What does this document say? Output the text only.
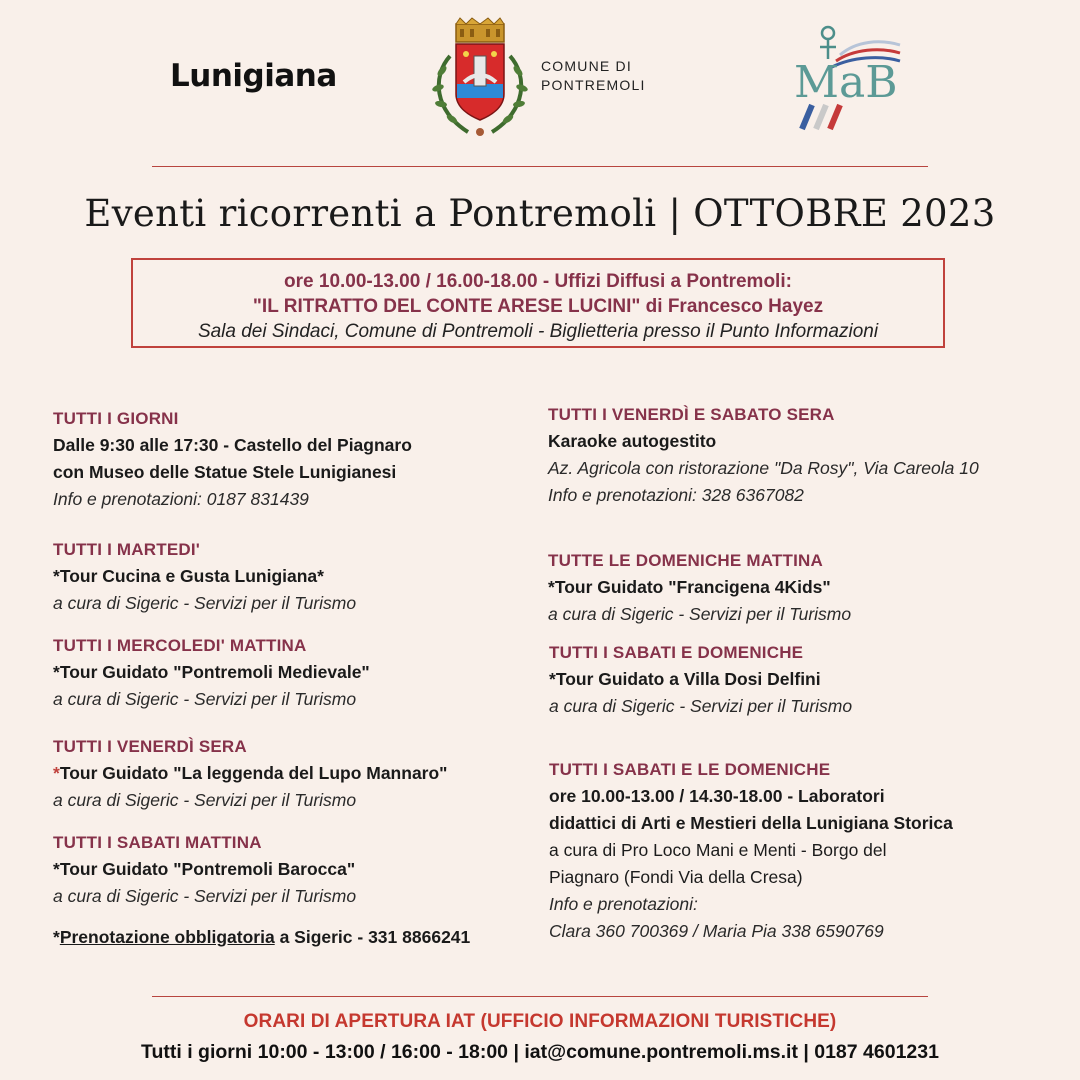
Lunigiana	COMUNE DI
PONTREMOLI	MaB
Eventi ricorrenti a Pontremoli | OTTOBRE 2023
ore 10.00-13.00 / 16.00-18.00 - Uffizi Diffusi a Pontremoli:
"IL RITRATTO DEL CONTE ARESE LUCINI" di Francesco Hayez
Sala dei Sindaci, Comune di Pontremoli - Biglietteria presso il Punto Informazioni
TUTTI I GIORNI
Dalle 9:30 alle 17:30 - Castello del Piagnaro
con Museo delle Statue Stele Lunigianesi
Info e prenotazioni: 0187 831439
TUTTI I MARTEDI'
*Tour Cucina e Gusta Lunigiana*
a cura di Sigeric - Servizi per il Turismo
TUTTI I MERCOLEDI' MATTINA
*Tour Guidato "Pontremoli Medievale"
a cura di Sigeric - Servizi per il Turismo
TUTTI I VENERDÌ SERA
*Tour Guidato "La leggenda del Lupo Mannaro"
a cura di Sigeric - Servizi per il Turismo
TUTTI I SABATI MATTINA
*Tour Guidato "Pontremoli Barocca"
a cura di Sigeric - Servizi per il Turismo
*Prenotazione obbligatoria a Sigeric - 331 8866241
TUTTI I VENERDÌ E SABATO SERA
Karaoke autogestito
Az. Agricola con ristorazione "Da Rosy", Via Careola 10
Info e prenotazioni: 328 6367082
TUTTE LE DOMENICHE MATTINA
*Tour Guidato "Francigena 4Kids"
a cura di Sigeric - Servizi per il Turismo
TUTTI I SABATI E DOMENICHE
*Tour Guidato a Villa Dosi Delfini
a cura di Sigeric - Servizi per il Turismo
TUTTI I SABATI E LE DOMENICHE
ore 10.00-13.00 / 14.30-18.00 - Laboratori
didattici di Arti e Mestieri della Lunigiana Storica
a cura di Pro Loco Mani e Menti - Borgo del
Piagnaro (Fondi Via della Cresa)
Info e prenotazioni:
Clara 360 700369 / Maria Pia 338 6590769
ORARI DI APERTURA IAT (UFFICIO INFORMAZIONI TURISTICHE)
Tutti i giorni 10:00 - 13:00 / 16:00 - 18:00 | iat@comune.pontremoli.ms.it | 0187 4601231
